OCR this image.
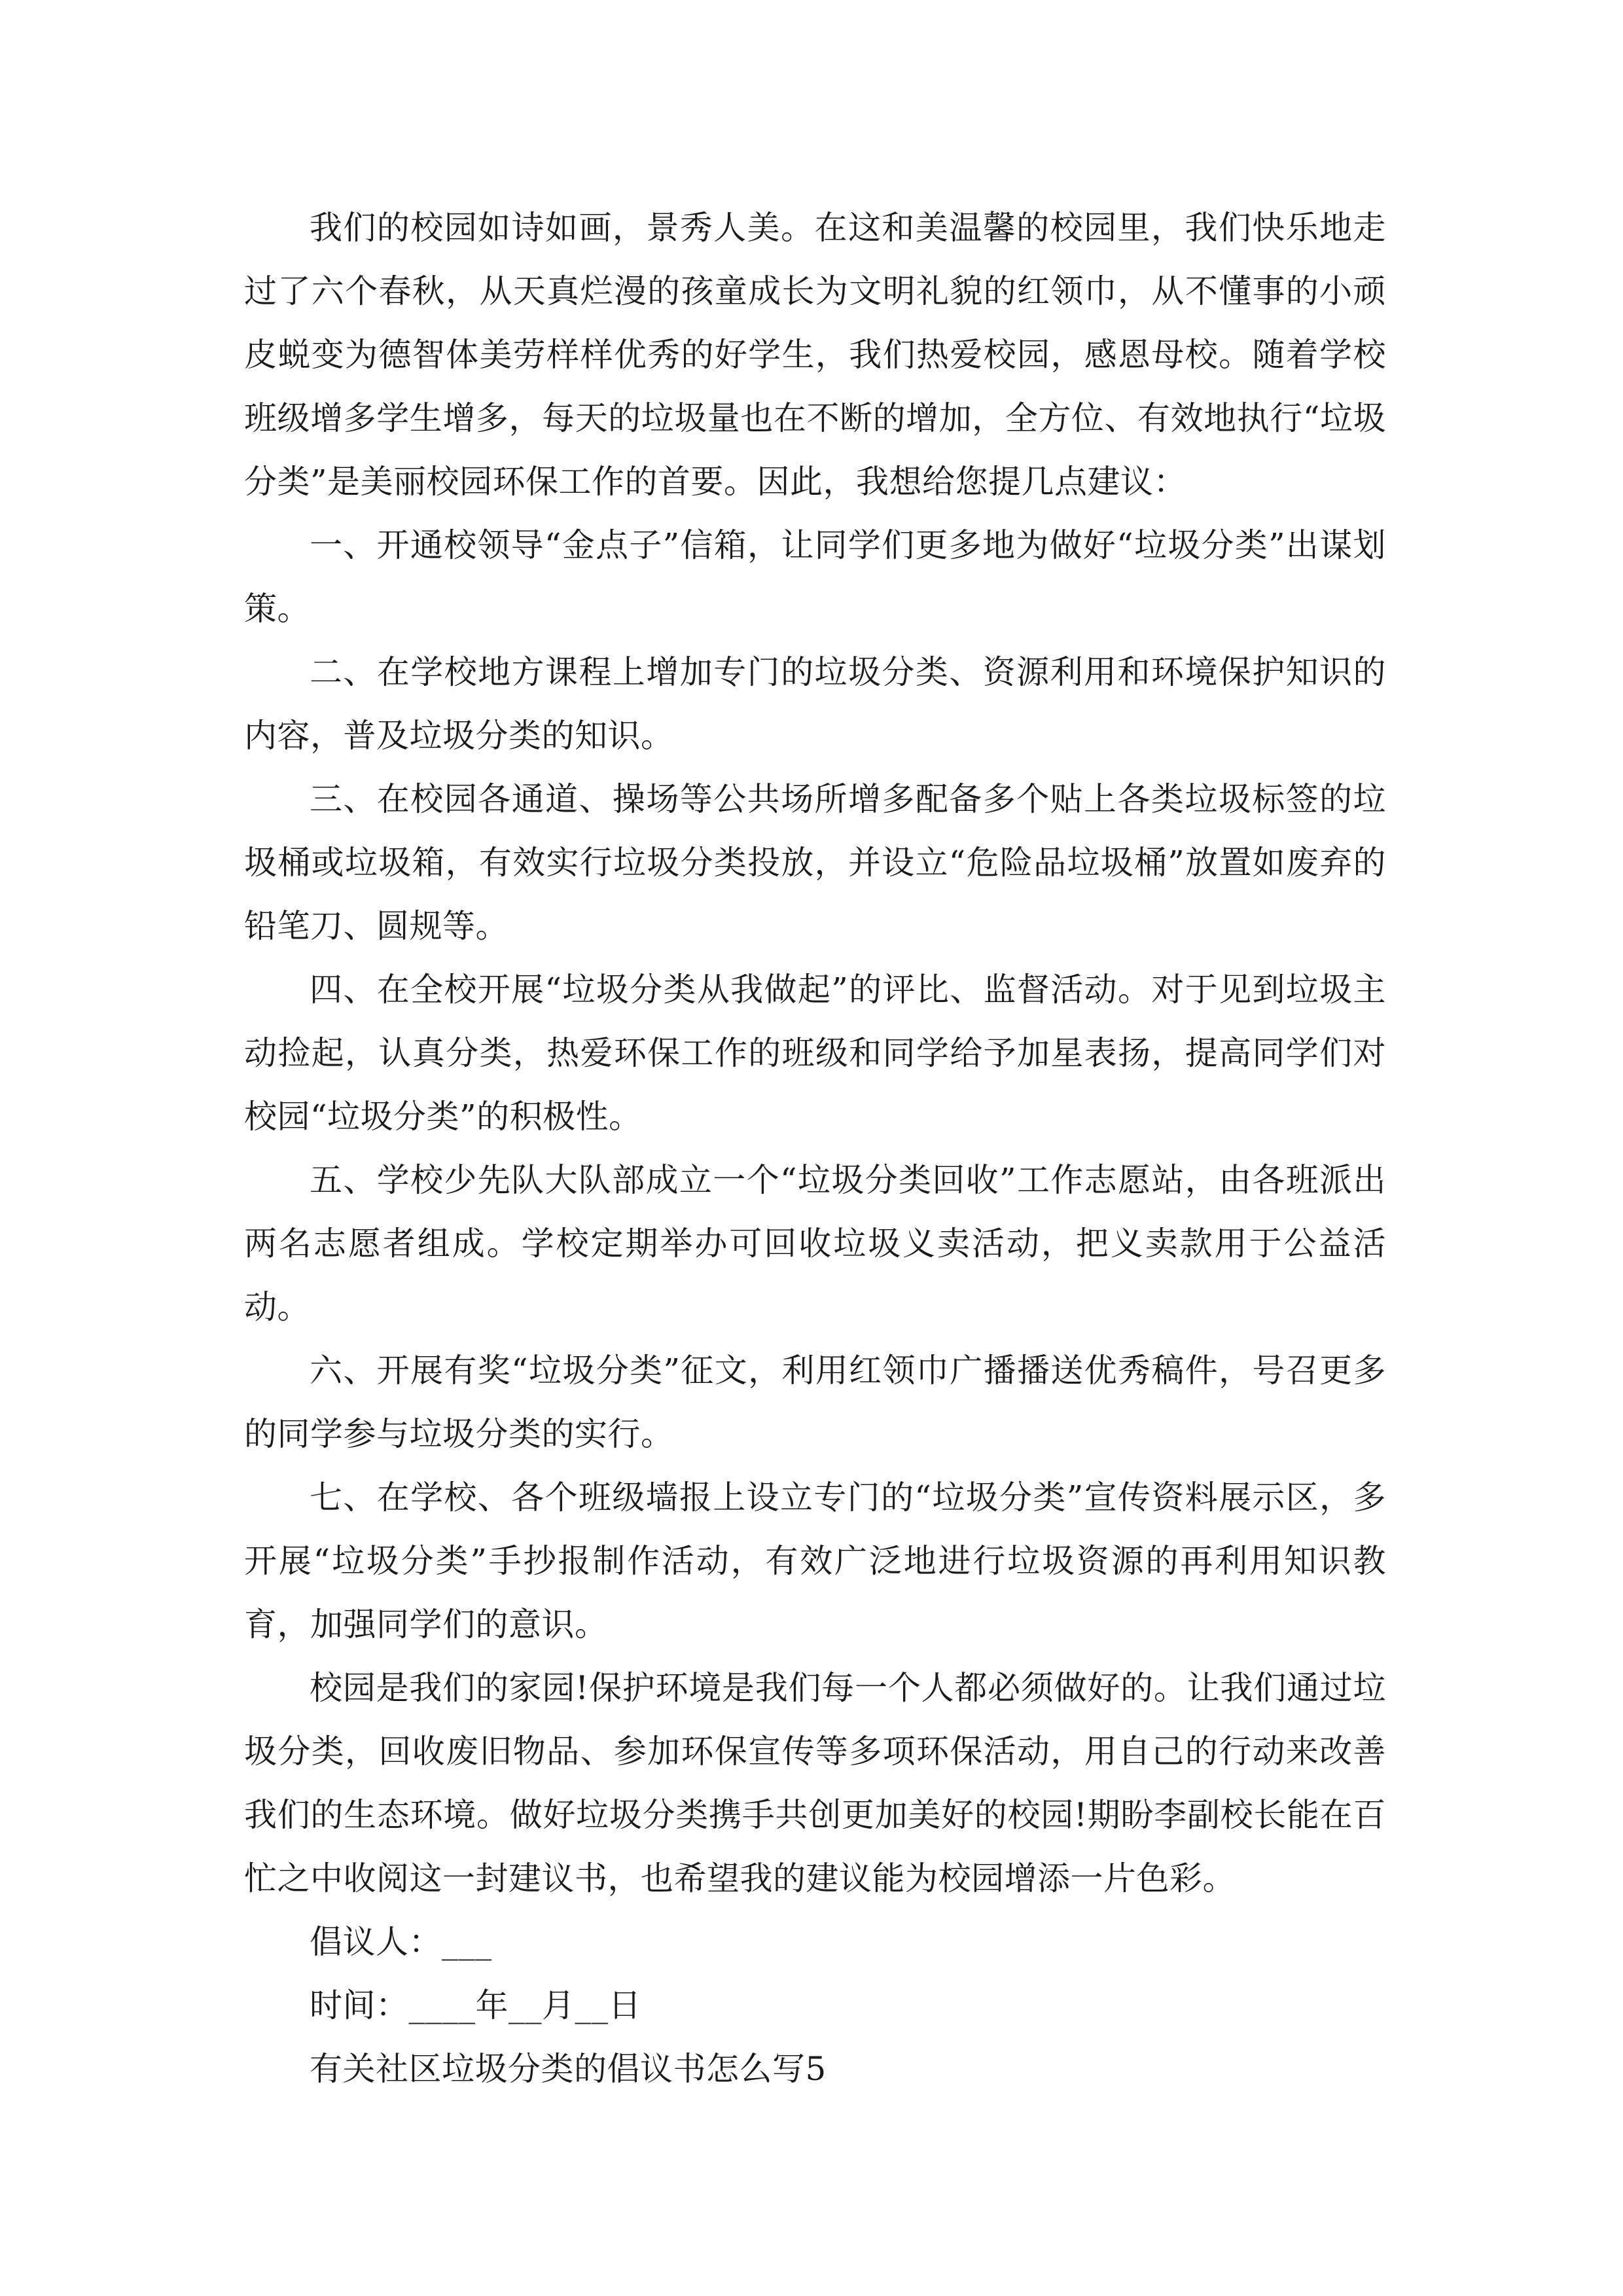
我们的校园如诗如画，景秀人美。在这和美温馨的校园里，我们快乐地走过了六个春秋，从天真烂漫的孩童成长为文明礼貌的红领巾，从不懂事的小顽皮蜕变为德智体美劳样样优秀的好学生，我们热爱校园，感恩母校。随着学校班级增多学生增多，每天的垃圾量也在不断的增加，全方位、有效地执行“垃圾分类”是美丽校园环保工作的首要。因此，我想给您提几点建议：

一、开通校领导“金点子”信箱，让同学们更多地为做好“垃圾分类”出谋划策。

二、在学校地方课程上增加专门的垃圾分类、资源利用和环境保护知识的内容，普及垃圾分类的知识。

三、在校园各通道、操场等公共场所增多配备多个贴上各类垃圾标签的垃圾桶或垃圾箱，有效实行垃圾分类投放，并设立“危险品垃圾桶”放置如废弃的铅笔刀、圆规等。

四、在全校开展“垃圾分类从我做起”的评比、监督活动。对于见到垃圾主动捡起，认真分类，热爱环保工作的班级和同学给予加星表扬，提高同学们对校园“垃圾分类”的积极性。

五、学校少先队大队部成立一个“垃圾分类回收”工作志愿站，由各班派出两名志愿者组成。学校定期举办可回收垃圾义卖活动，把义卖款用于公益活动。

六、开展有奖“垃圾分类”征文，利用红领巾广播播送优秀稿件，号召更多的同学参与垃圾分类的实行。

七、在学校、各个班级墙报上设立专门的“垃圾分类”宣传资料展示区，多开展“垃圾分类”手抄报制作活动，有效广泛地进行垃圾资源的再利用知识教育，加强同学们的意识。

校园是我们的家园!保护环境是我们每一个人都必须做好的。让我们通过垃圾分类，回收废旧物品、参加环保宣传等多项环保活动，用自己的行动来改善我们的生态环境。做好垃圾分类携手共创更加美好的校园!期盼李副校长能在百忙之中收阅这一封建议书，也希望我的建议能为校园增添一片色彩。

倡议人：___

时间：____年__月__日

有关社区垃圾分类的倡议书怎么写5
